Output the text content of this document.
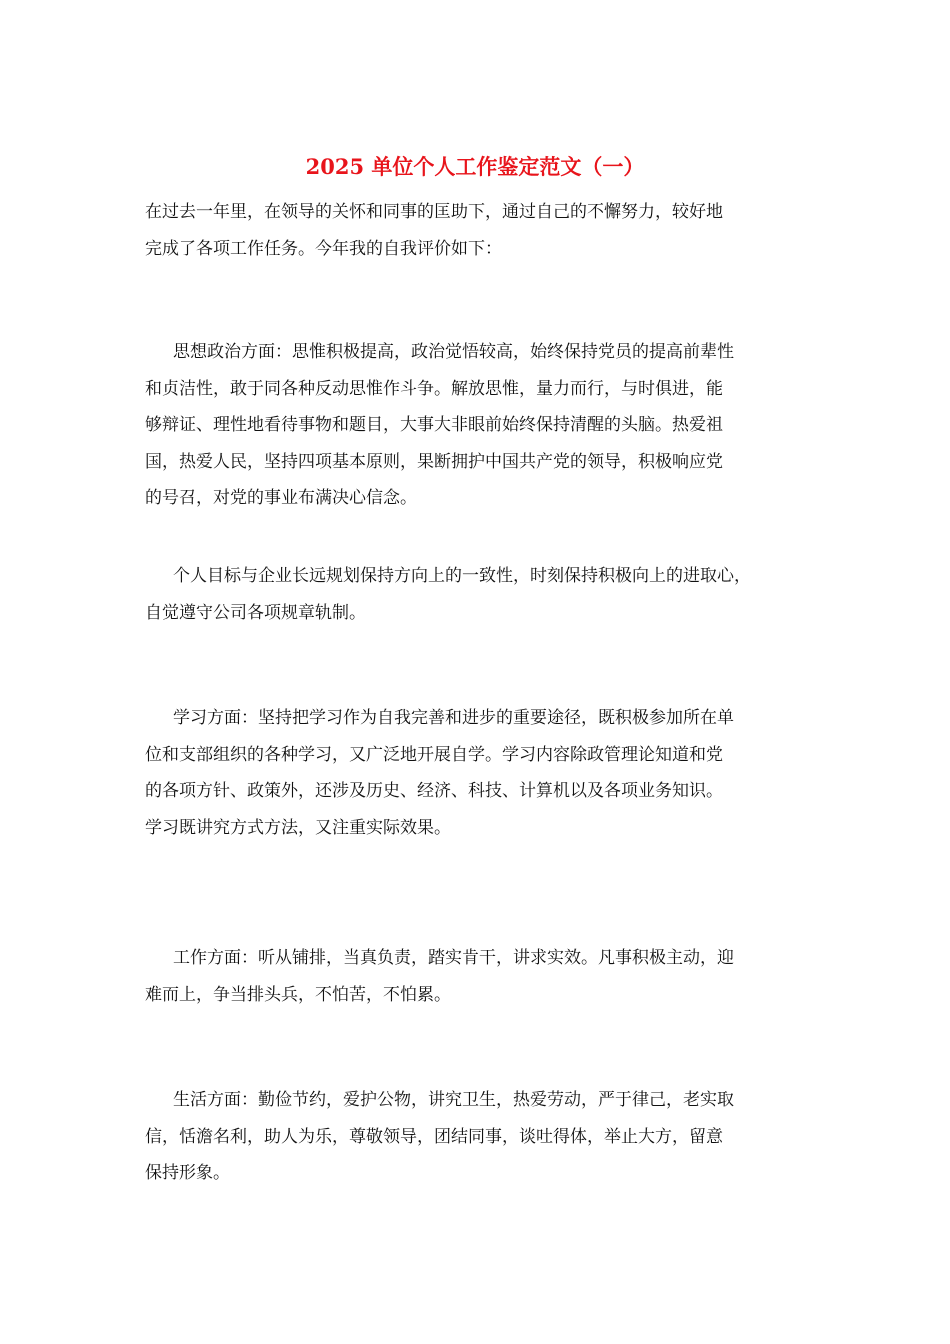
2025 单位个人工作鉴定范文（一）

在过去一年里，在领导的关怀和同事的匡助下，通过自己的不懈努力，较好地
完成了各项工作任务。今年我的自我评价如下：

思想政治方面：思惟积极提高，政治觉悟较高，始终保持党员的提高前辈性
和贞洁性，敢于同各种反动思惟作斗争。解放思惟，量力而行，与时俱进，能
够辩证、理性地看待事物和题目，大事大非眼前始终保持清醒的头脑。热爱祖
国，热爱人民，坚持四项基本原则，果断拥护中国共产党的领导，积极响应党
的号召，对党的事业布满决心信念。

个人目标与企业长远规划保持方向上的一致性，时刻保持积极向上的进取心，
自觉遵守公司各项规章轨制。

学习方面：坚持把学习作为自我完善和进步的重要途径，既积极参加所在单
位和支部组织的各种学习，又广泛地开展自学。学习内容除政管理论知道和党
的各项方针、政策外，还涉及历史、经济、科技、计算机以及各项业务知识。
学习既讲究方式方法，又注重实际效果。

工作方面：听从铺排，当真负责，踏实肯干，讲求实效。凡事积极主动，迎
难而上，争当排头兵，不怕苦，不怕累。

生活方面：勤俭节约，爱护公物，讲究卫生，热爱劳动，严于律己，老实取
信，恬澹名利，助人为乐，尊敬领导，团结同事，谈吐得体，举止大方，留意
保持形象。
